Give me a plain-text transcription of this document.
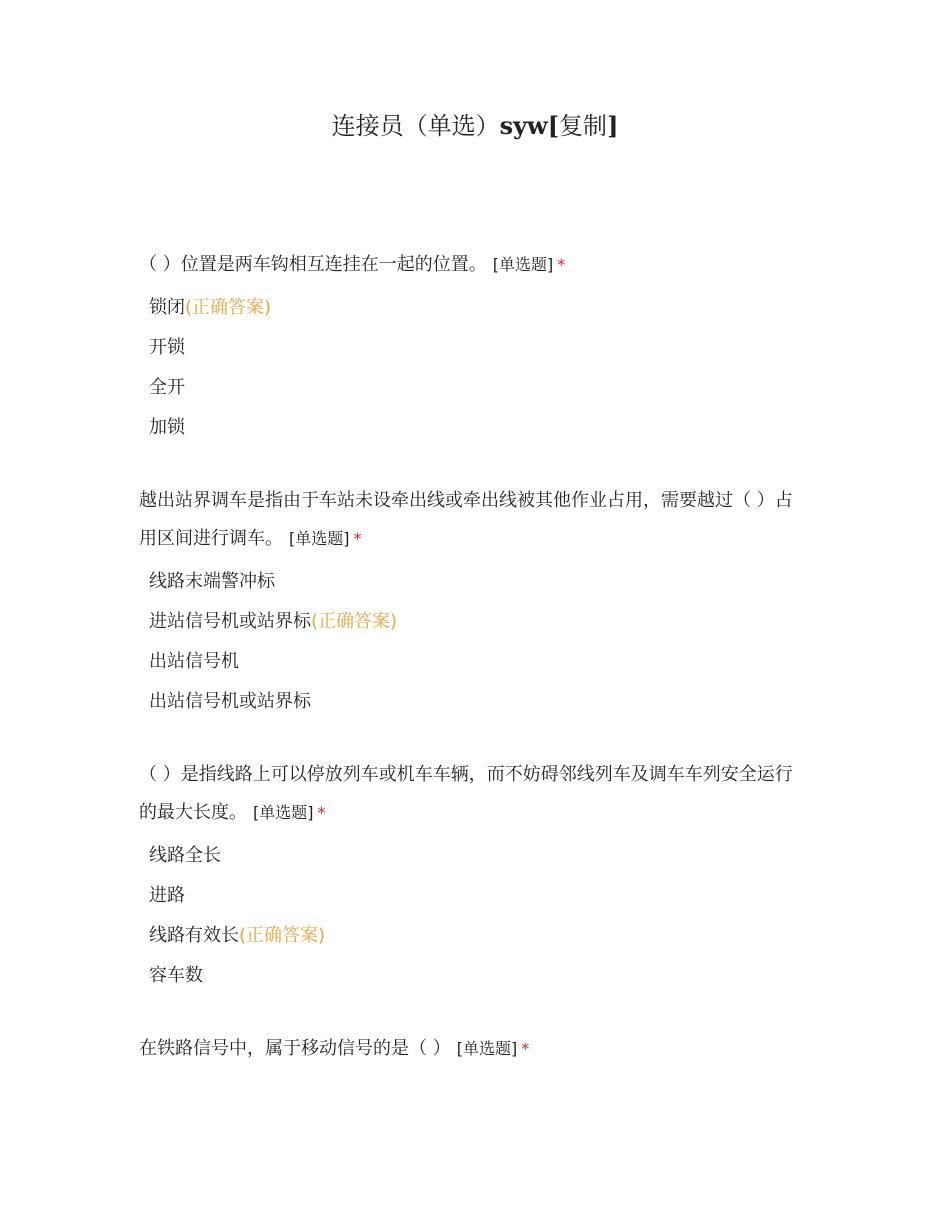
连接员（单选）syw[复制]

（ ）位置是两车钩相互连挂在一起的位置。 [单选题] *

锁闭(正确答案)
开锁
全开
加锁

越出站界调车是指由于车站未设牵出线或牵出线被其他作业占用，需要越过（ ）占用区间进行调车。 [单选题] *

线路末端警冲标
进站信号机或站界标(正确答案)
出站信号机
出站信号机或站界标

（ ）是指线路上可以停放列车或机车车辆，而不妨碍邻线列车及调车车列安全运行的最大长度。 [单选题] *

线路全长
进路
线路有效长(正确答案)
容车数

在铁路信号中，属于移动信号的是（ ） [单选题] *
